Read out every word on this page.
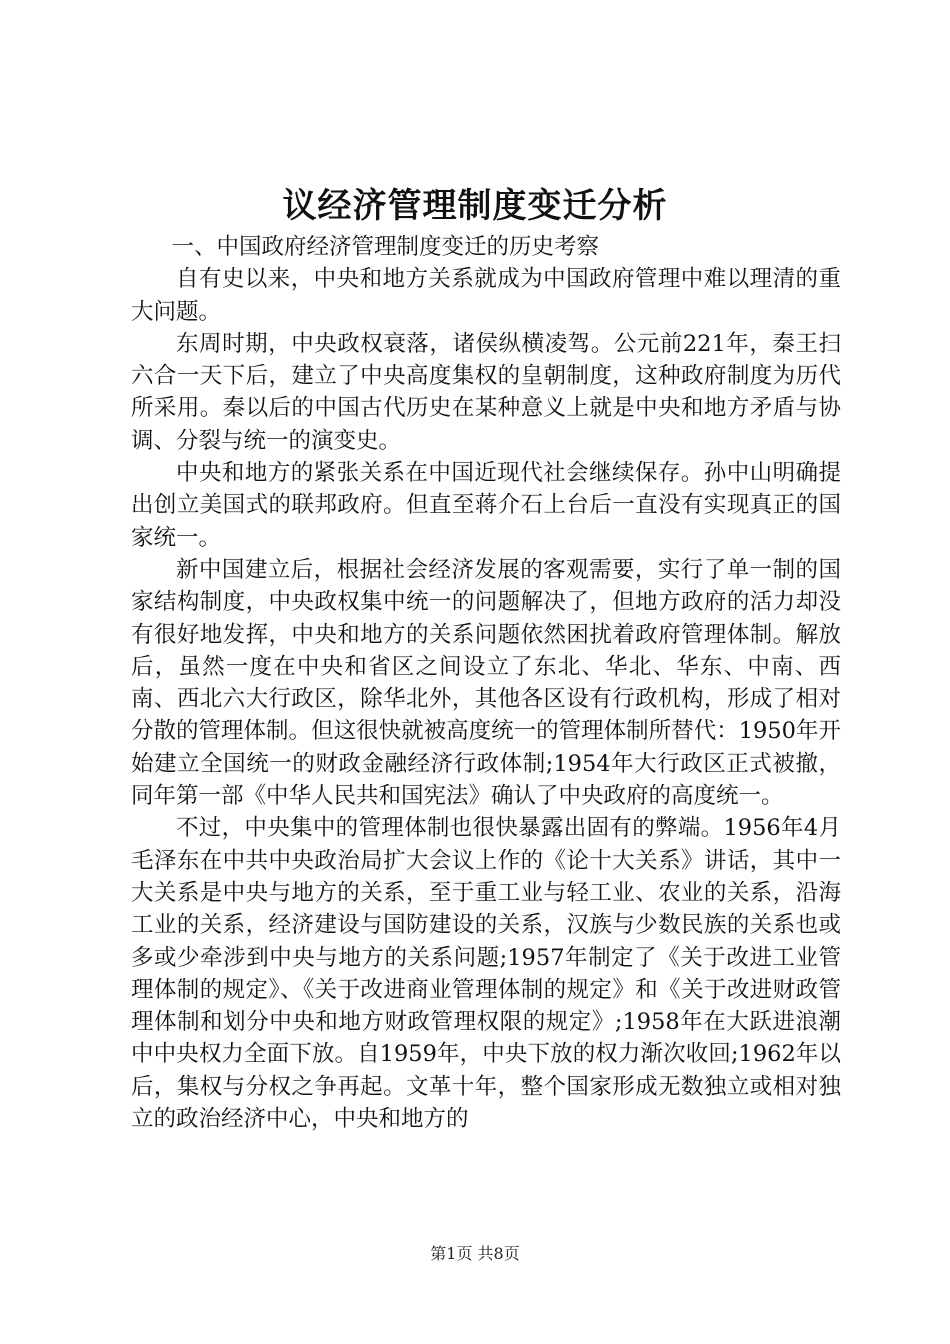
议经济管理制度变迁分析

一、中国政府经济管理制度变迁的历史考察

自有史以来，中央和地方关系就成为中国政府管理中难以理清的重大问题。

东周时期，中央政权衰落，诸侯纵横凌驾。公元前221年，秦王扫六合一天下后，建立了中央高度集权的皇朝制度，这种政府制度为历代所采用。秦以后的中国古代历史在某种意义上就是中央和地方矛盾与协调、分裂与统一的演变史。

中央和地方的紧张关系在中国近现代社会继续保存。孙中山明确提出创立美国式的联邦政府。但直至蒋介石上台后一直没有实现真正的国家统一。

新中国建立后，根据社会经济发展的客观需要，实行了单一制的国家结构制度，中央政权集中统一的问题解决了，但地方政府的活力却没有很好地发挥，中央和地方的关系问题依然困扰着政府管理体制。解放后，虽然一度在中央和省区之间设立了东北、华北、华东、中南、西南、西北六大行政区，除华北外，其他各区设有行政机构，形成了相对分散的管理体制。但这很快就被高度统一的管理体制所替代：1950年开始建立全国统一的财政金融经济行政体制;1954年大行政区正式被撤，同年第一部《中华人民共和国宪法》确认了中央政府的高度统一。

不过，中央集中的管理体制也很快暴露出固有的弊端。1956年4月毛泽东在中共中央政治局扩大会议上作的《论十大关系》讲话，其中一大关系是中央与地方的关系，至于重工业与轻工业、农业的关系，沿海工业的关系，经济建设与国防建设的关系，汉族与少数民族的关系也或多或少牵涉到中央与地方的关系问题;1957年制定了《关于改进工业管理体制的规定》、《关于改进商业管理体制的规定》和《关于改进财政管理体制和划分中央和地方财政管理权限的规定》;1958年在大跃进浪潮中中央权力全面下放。自1959年，中央下放的权力渐次收回;1962年以后，集权与分权之争再起。文革十年，整个国家形成无数独立或相对独立的政治经济中心，中央和地方的

第1页 共8页
